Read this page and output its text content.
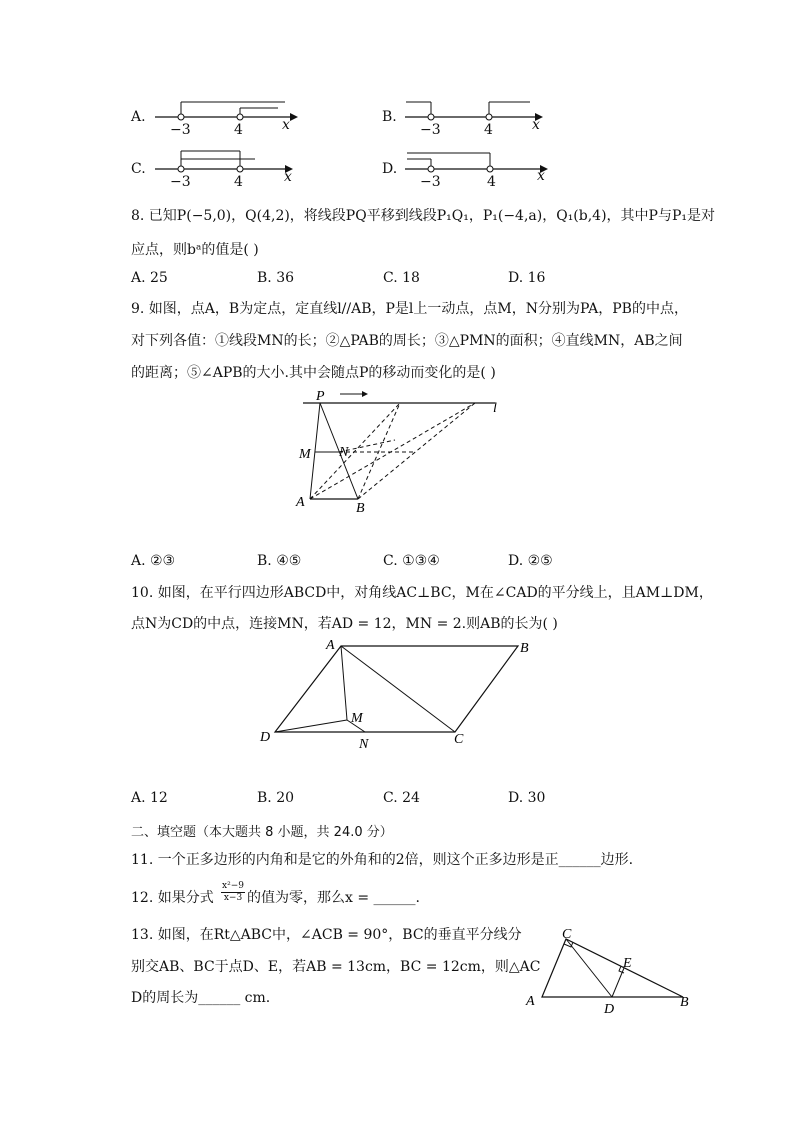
A.
−3	4	x	B.
−3	4	x
C.
−3	4	x	D.
−3	4	x
8. 已知P(−5,0)，Q(4,2)，将线段PQ平移到线段P₁Q₁，P₁(−4,a)，Q₁(b,4)，其中P与P₁是对
应点，则bᵃ的值是( )
A. 25	B. 36	C. 18	D. 16
9. 如图，点A，B为定点，定直线l//AB，P是l上一动点，点M，N分别为PA，PB的中点，
对下列各值：①线段MN的长；②△PAB的周长；③△PMN的面积；④直线MN，AB之间
的距离；⑤∠APB的大小.其中会随点P的移动而变化的是( )
P
l
M N
A	B
A. ②③	B. ④⑤	C. ①③④	D. ②⑤
10. 如图，在平行四边形ABCD中，对角线AC⊥BC，M在∠CAD的平分线上，且AM⊥DM，
点N为CD的中点，连接MN，若AD = 12，MN = 2.则AB的长为( )
A	B
C
D
M
N
A. 12	B. 20	C. 24	D. 30
二、填空题（本大题共 8 小题，共 24.0 分）
11. 一个正多边形的内角和是它的外角和的2倍，则这个正多边形是正______边形.
12. 如果分式 $\frac{\text{x²−9}}{x-3}$ 的值为零，那么x = ______.
13. 如图，在Rt△ABC中，∠ACB = 90°，BC的垂直平分线分
别交AB、BC于点D、E，若AB = 13cm，BC = 12cm，则△AC
D的周长为______ cm.
C
E
A
D	B
